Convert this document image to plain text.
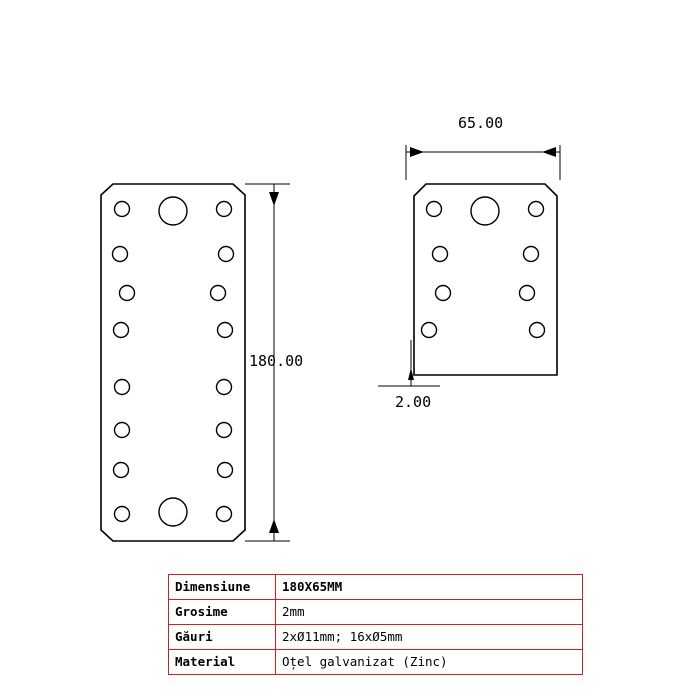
180.00
65.00
2.00
Dimensiune	180X65MM
Grosime	2mm
Găuri	2xØ11mm; 16xØ5mm
Material	Oțel galvanizat (Zinc)
